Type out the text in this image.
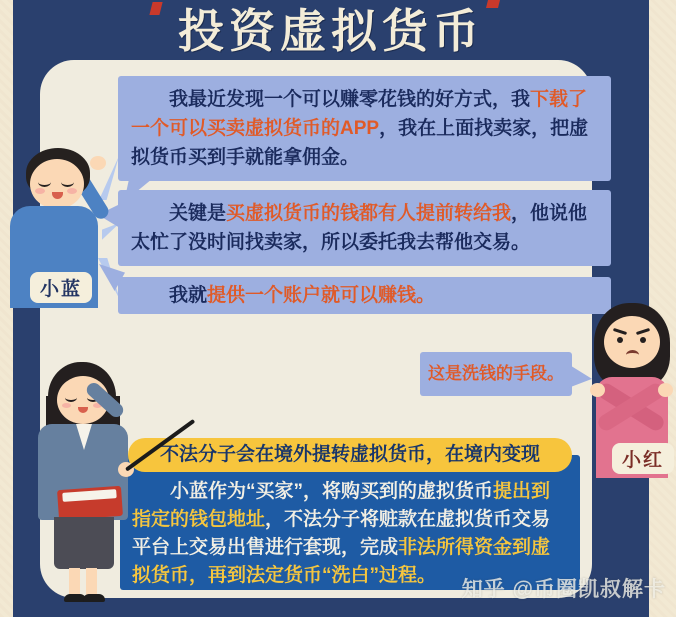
投资虚拟货币
我最近发现一个可以赚零花钱的好方式，我下载了一个可以买卖虚拟货币的APP，我在上面找卖家，把虚拟货币买到手就能拿佣金。
关键是买虚拟货币的钱都有人提前转给我，他说他太忙了没时间找卖家，所以委托我去帮他交易。
我就提供一个账户就可以赚钱。
这是洗钱的手段。
小蓝
小红
小蓝作为“买家”，将购买到的虚拟货币提出到指定的钱包地址，不法分子将赃款在虚拟货币交易平台上交易出售进行套现，完成非法所得资金到虚拟货币，再到法定货币“洗白”过程。
不法分子会在境外提转虚拟货币，在境内变现
知乎 @币圈凯叔解卡
